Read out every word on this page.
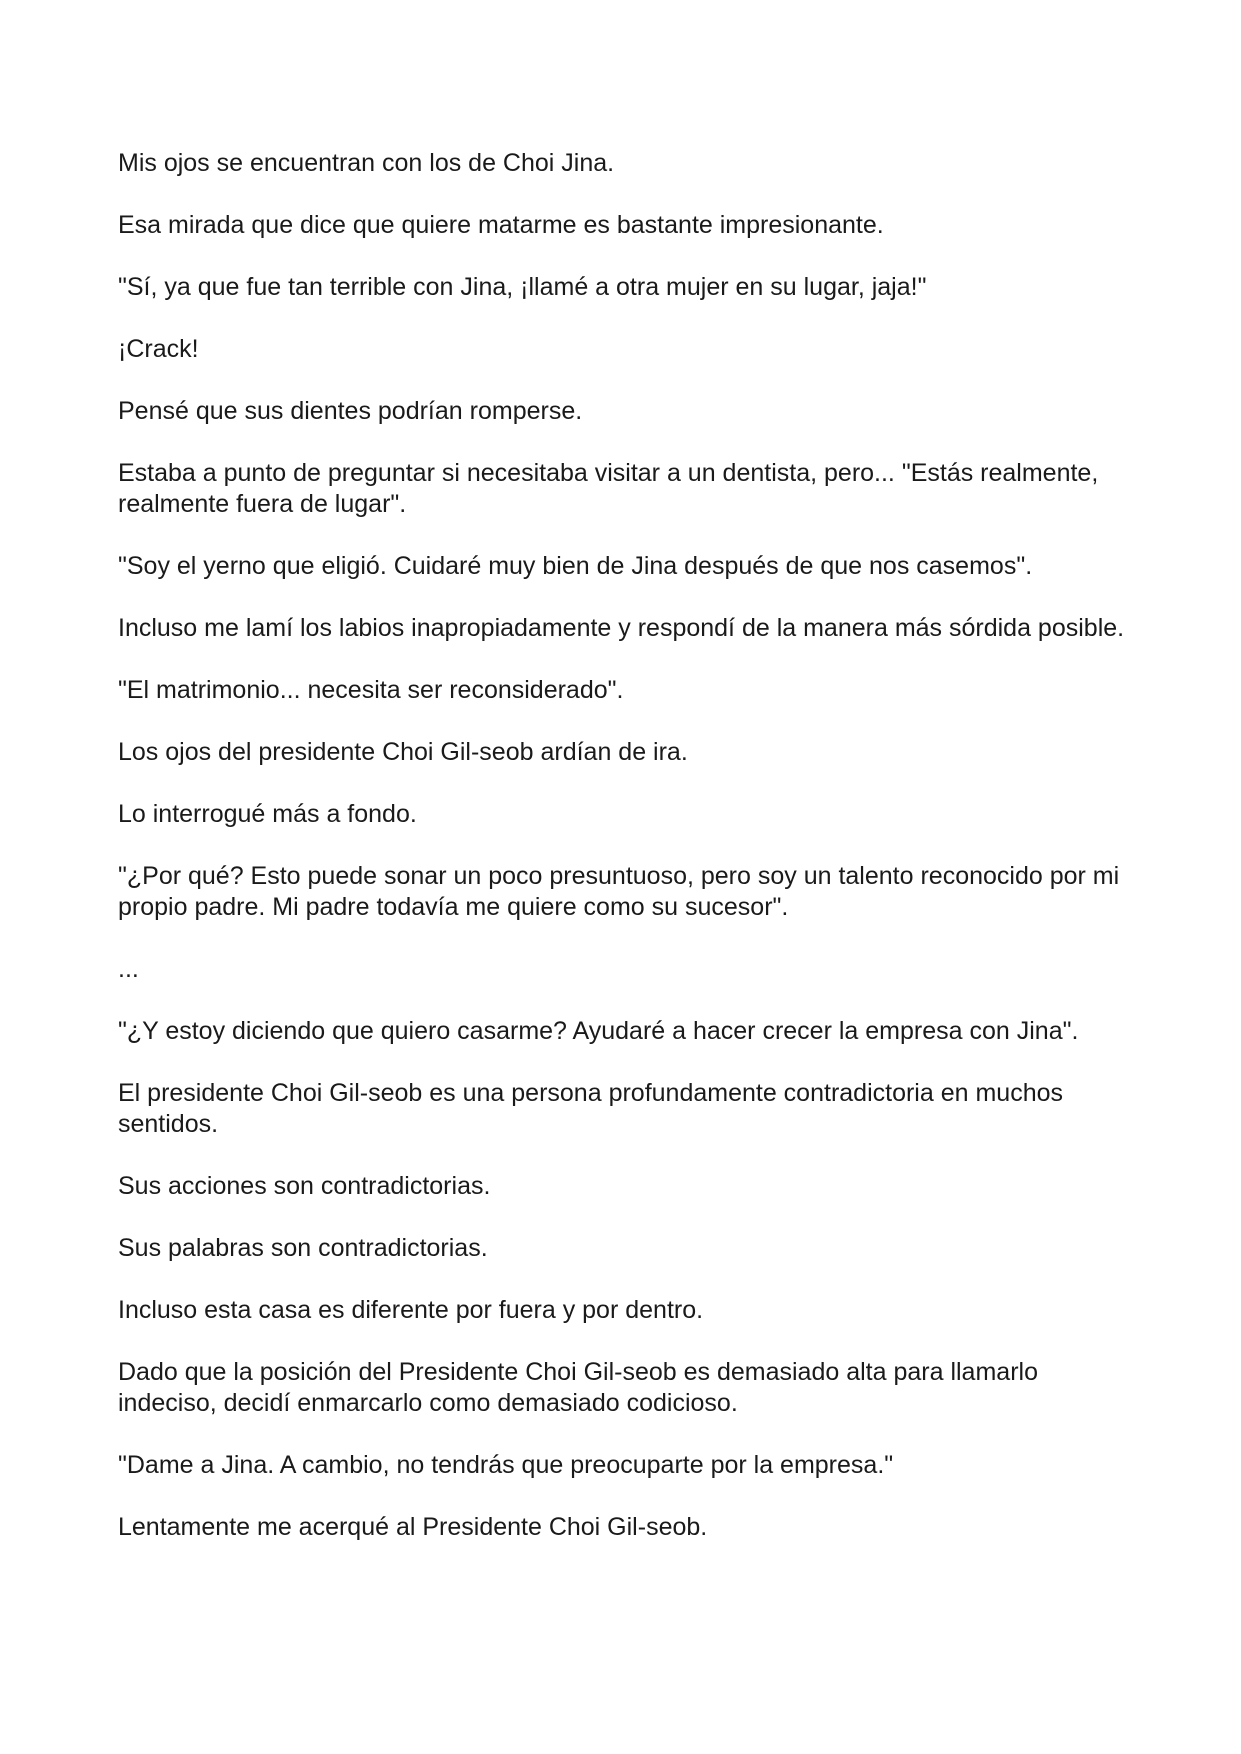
Mis ojos se encuentran con los de Choi Jina.

Esa mirada que dice que quiere matarme es bastante impresionante.

"Sí, ya que fue tan terrible con Jina, ¡llamé a otra mujer en su lugar, jaja!"

¡Crack!

Pensé que sus dientes podrían romperse.

Estaba a punto de preguntar si necesitaba visitar a un dentista, pero... "Estás realmente, realmente fuera de lugar".

"Soy el yerno que eligió. Cuidaré muy bien de Jina después de que nos casemos".

Incluso me lamí los labios inapropiadamente y respondí de la manera más sórdida posible.

"El matrimonio... necesita ser reconsiderado".

Los ojos del presidente Choi Gil-seob ardían de ira.

Lo interrogué más a fondo.

"¿Por qué? Esto puede sonar un poco presuntuoso, pero soy un talento reconocido por mi propio padre. Mi padre todavía me quiere como su sucesor".

...

"¿Y estoy diciendo que quiero casarme? Ayudaré a hacer crecer la empresa con Jina".

El presidente Choi Gil-seob es una persona profundamente contradictoria en muchos sentidos.

Sus acciones son contradictorias.

Sus palabras son contradictorias.

Incluso esta casa es diferente por fuera y por dentro.

Dado que la posición del Presidente Choi Gil-seob es demasiado alta para llamarlo indeciso, decidí enmarcarlo como demasiado codicioso.

"Dame a Jina. A cambio, no tendrás que preocuparte por la empresa."

Lentamente me acerqué al Presidente Choi Gil-seob.
